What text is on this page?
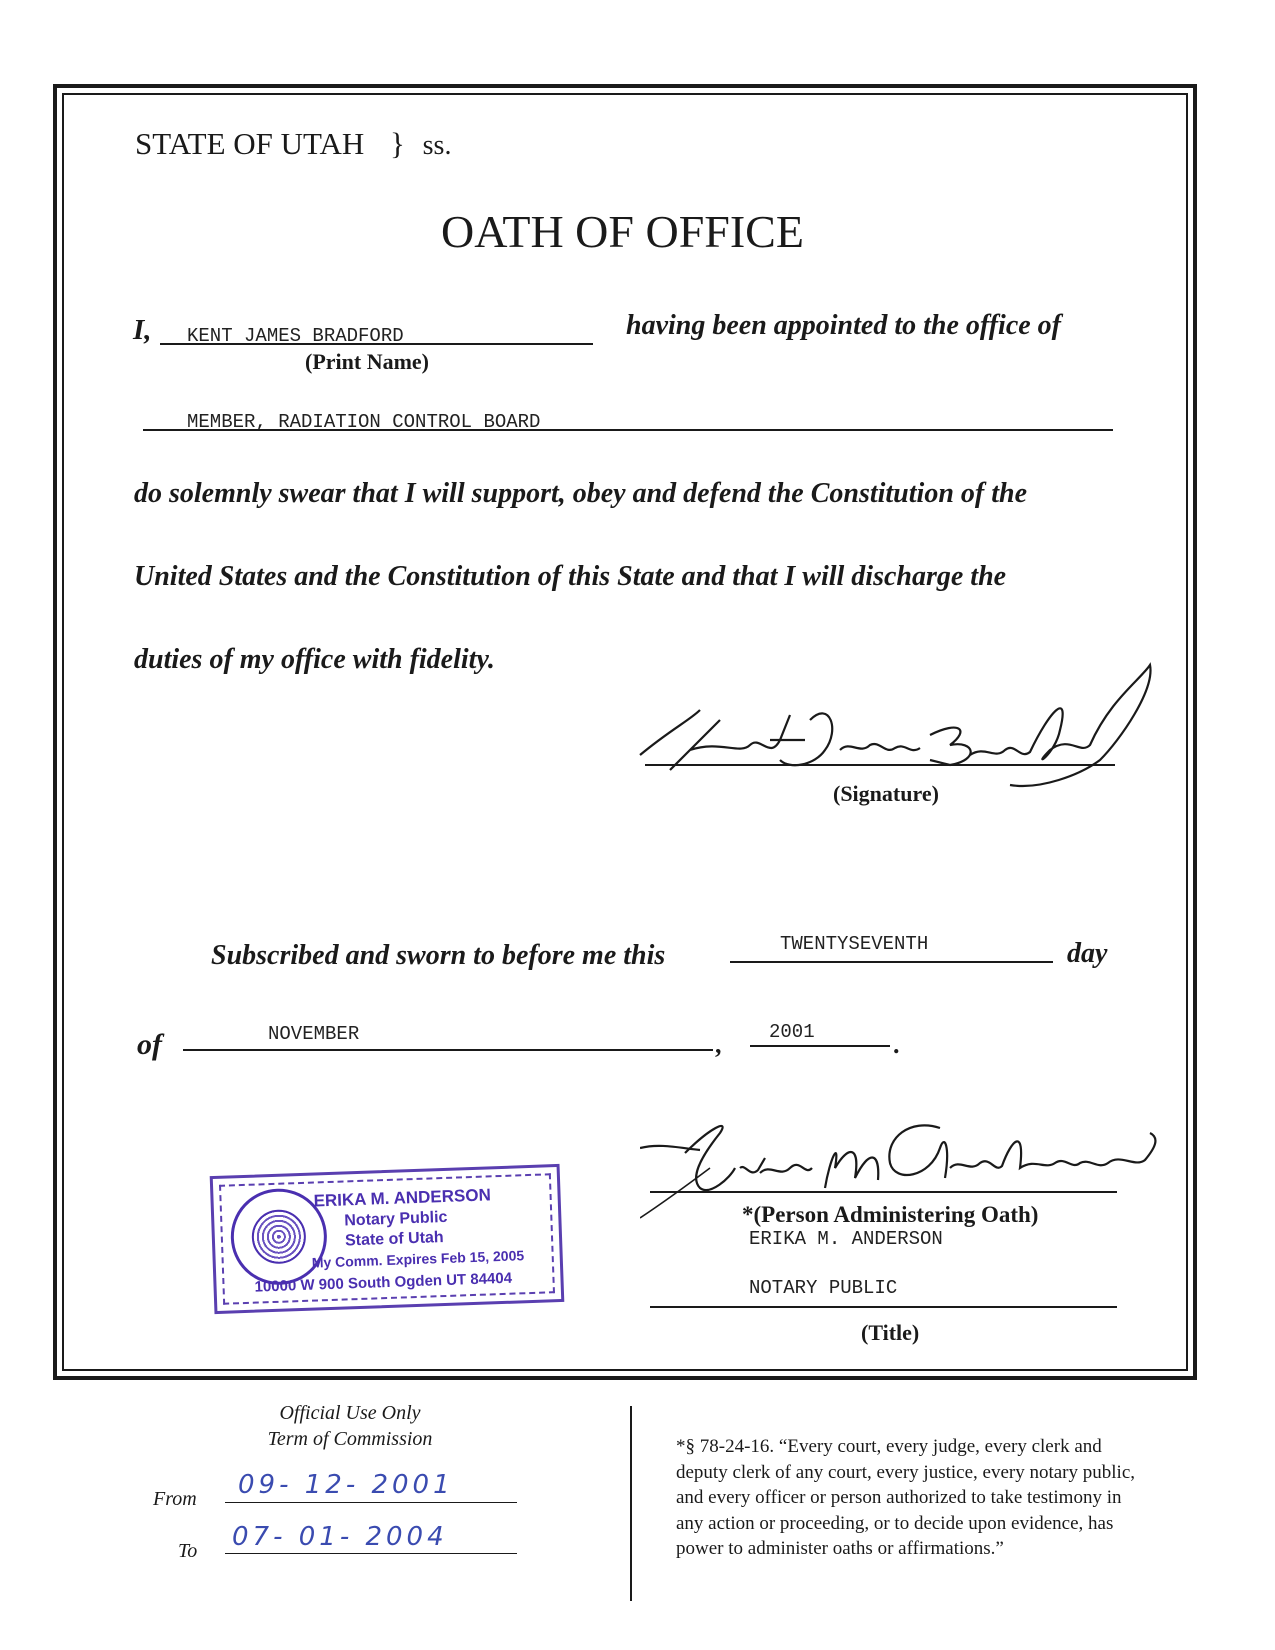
STATE OF UTAH } ss.
OATH OF OFFICE
I, KENT JAMES BRADFORD
(Print Name)
having been appointed to the office of
MEMBER, RADIATION CONTROL BOARD
do solemnly swear that I will support, obey and defend the Constitution of the
United States and the Constitution of this State and that I will discharge the
duties of my office with fidelity.
(Signature)
Subscribed and sworn to before me this	TWENTYSEVENTH	day
of	NOVEMBER	,	2001	.
ERIKA M. ANDERSON
Notary Public
State of Utah
My Comm. Expires Feb 15, 2005
10000 W 900 South Ogden UT 84404
*(Person Administering Oath)
ERIKA M. ANDERSON
NOTARY PUBLIC
(Title)
Official Use Only
Term of Commission
From 09- 12- 2001
To 07- 01- 2004
*§ 78-24-16. “Every court, every judge, every clerk and
deputy clerk of any court, every justice, every notary public,
and every officer or person authorized to take testimony in
any action or proceeding, or to decide upon evidence, has
power to administer oaths or affirmations.”
